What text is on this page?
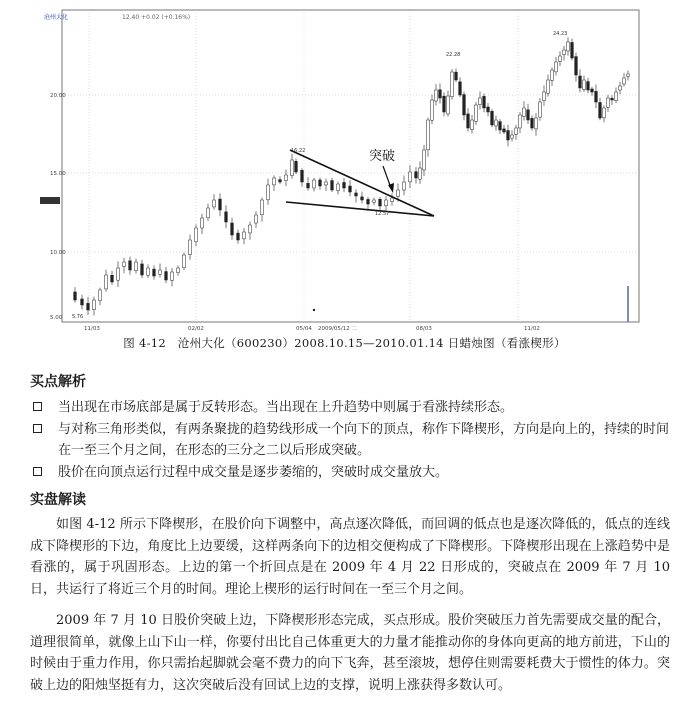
沧州大化	12.40 +0.02 (+0.16%)
20.00
15.00
10.00
5.00
11/03	02/02	05/04	08/03	11/02
2009/05/12 二
突破
16.22
12.57
22.28
24.23
5.76
图 4-12　沧州大化（600230）2008.10.15—2010.01.14 日蜡烛图（看涨楔形）
买点解析
当出现在市场底部是属于反转形态。当出现在上升趋势中则属于看涨持续形态。
与对称三角形类似，有两条聚拢的趋势线形成一个向下的顶点，称作下降楔形，方向是向上的，持续的时间在一至三个月之间，在形态的三分之二以后形成突破。
股价在向顶点运行过程中成交量是逐步萎缩的，突破时成交量放大。
实盘解读
如图 4-12 所示下降楔形，在股价向下调整中，高点逐次降低，而回调的低点也是逐次降低的，低点的连线成下降楔形的下边，角度比上边要缓，这样两条向下的边相交便构成了下降楔形。下降楔形出现在上涨趋势中是看涨的，属于巩固形态。上边的第一个折回点是在 2009 年 4 月 22 日形成的，突破点在 2009 年 7 月 10 日，共运行了将近三个月的时间。理论上楔形的运行时间在一至三个月之间。
2009 年 7 月 10 日股价突破上边，下降楔形形态完成，买点形成。股价突破压力首先需要成交量的配合，道理很简单，就像上山下山一样，你要付出比自己体重更大的力量才能推动你的身体向更高的地方前进，下山的时候由于重力作用，你只需抬起脚就会毫不费力的向下飞奔，甚至滚坡，想停住则需要耗费大于惯性的体力。突破上边的阳烛坚挺有力，这次突破后没有回试上边的支撑，说明上涨获得多数认可。
